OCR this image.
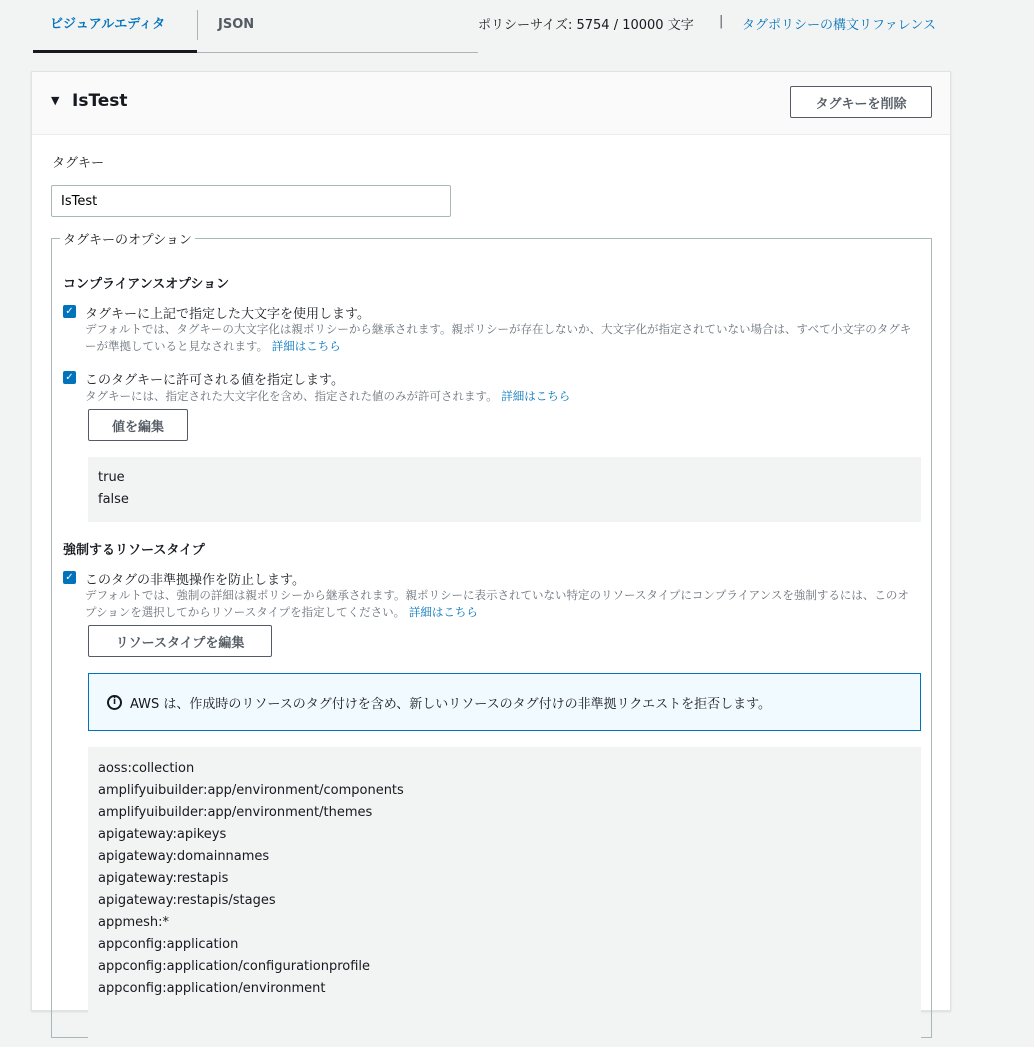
ビジュアルエディタ	JSON	ポリシーサイズ: 5754 / 10000 文字 | タグポリシーの構文リファレンス
▼ IsTest	タグキーを削除
タグキー
IsTest
タグキーのオプション
コンプライアンスオプション
✓ タグキーに上記で指定した大文字を使用します。
デフォルトでは、タグキーの大文字化は親ポリシーから継承されます。親ポリシーが存在しないか、大文字化が指定されていない場合は、すべて小文字のタグキーが準拠していると見なされます。 詳細はこちら
✓ このタグキーに許可される値を指定します。
タグキーには、指定された大文字化を含め、指定された値のみが許可されます。 詳細はこちら
値を編集
true
false
強制するリソースタイプ
✓ このタグの非準拠操作を防止します。
デフォルトでは、強制の詳細は親ポリシーから継承されます。親ポリシーに表示されていない特定のリソースタイプにコンプライアンスを強制するには、このオプションを選択してからリソースタイプを指定してください。 詳細はこちら
リソースタイプを編集
i	AWS は、作成時のリソースのタグ付けを含め、新しいリソースのタグ付けの非準拠リクエストを拒否します。
aoss:collection
amplifyuibuilder:app/environment/components
amplifyuibuilder:app/environment/themes
apigateway:apikeys
apigateway:domainnames
apigateway:restapis
apigateway:restapis/stages
appmesh:*
appconfig:application
appconfig:application/configurationprofile
appconfig:application/environment
